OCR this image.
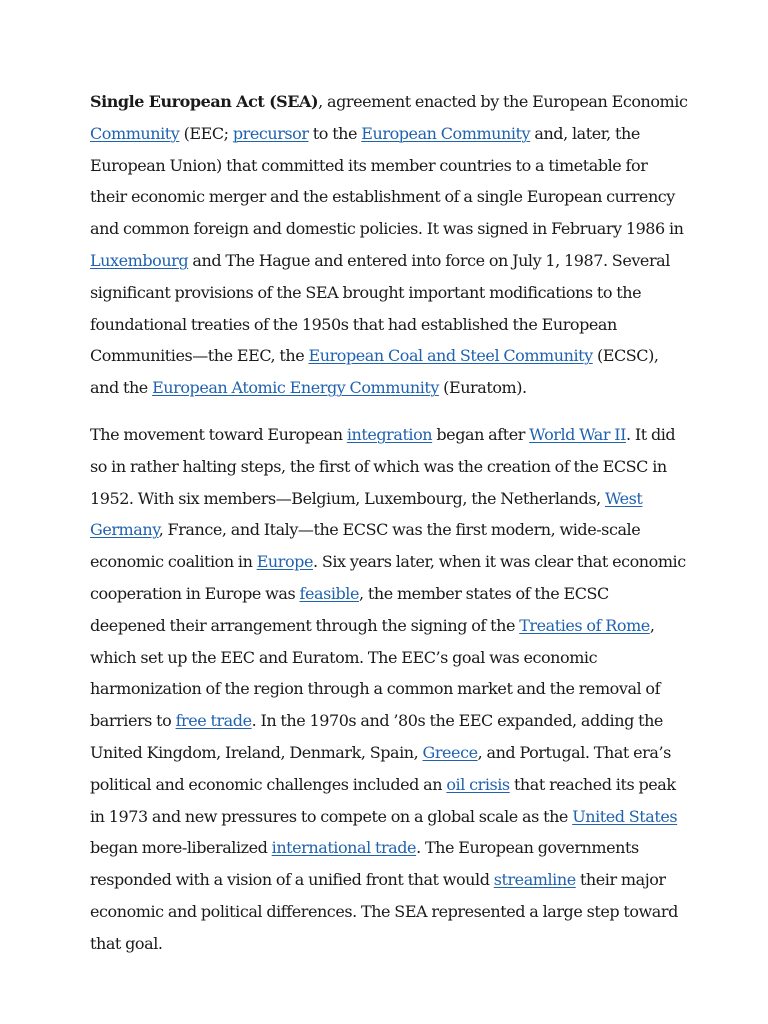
Single European Act (SEA), agreement enacted by the European Economic Community (EEC; precursor to the European Community and, later, the European Union) that committed its member countries to a timetable for their economic merger and the establishment of a single European currency and common foreign and domestic policies. It was signed in February 1986 in Luxembourg and The Hague and entered into force on July 1, 1987. Several significant provisions of the SEA brought important modifications to the foundational treaties of the 1950s that had established the European Communities—the EEC, the European Coal and Steel Community (ECSC), and the European Atomic Energy Community (Euratom).

The movement toward European integration began after World War II. It did so in rather halting steps, the first of which was the creation of the ECSC in 1952. With six members—Belgium, Luxembourg, the Netherlands, West Germany, France, and Italy—the ECSC was the first modern, wide-scale economic coalition in Europe. Six years later, when it was clear that economic cooperation in Europe was feasible, the member states of the ECSC deepened their arrangement through the signing of the Treaties of Rome, which set up the EEC and Euratom. The EEC’s goal was economic harmonization of the region through a common market and the removal of barriers to free trade. In the 1970s and ’80s the EEC expanded, adding the United Kingdom, Ireland, Denmark, Spain, Greece, and Portugal. That era’s political and economic challenges included an oil crisis that reached its peak in 1973 and new pressures to compete on a global scale as the United States began more-liberalized international trade. The European governments responded with a vision of a unified front that would streamline their major economic and political differences. The SEA represented a large step toward that goal.
